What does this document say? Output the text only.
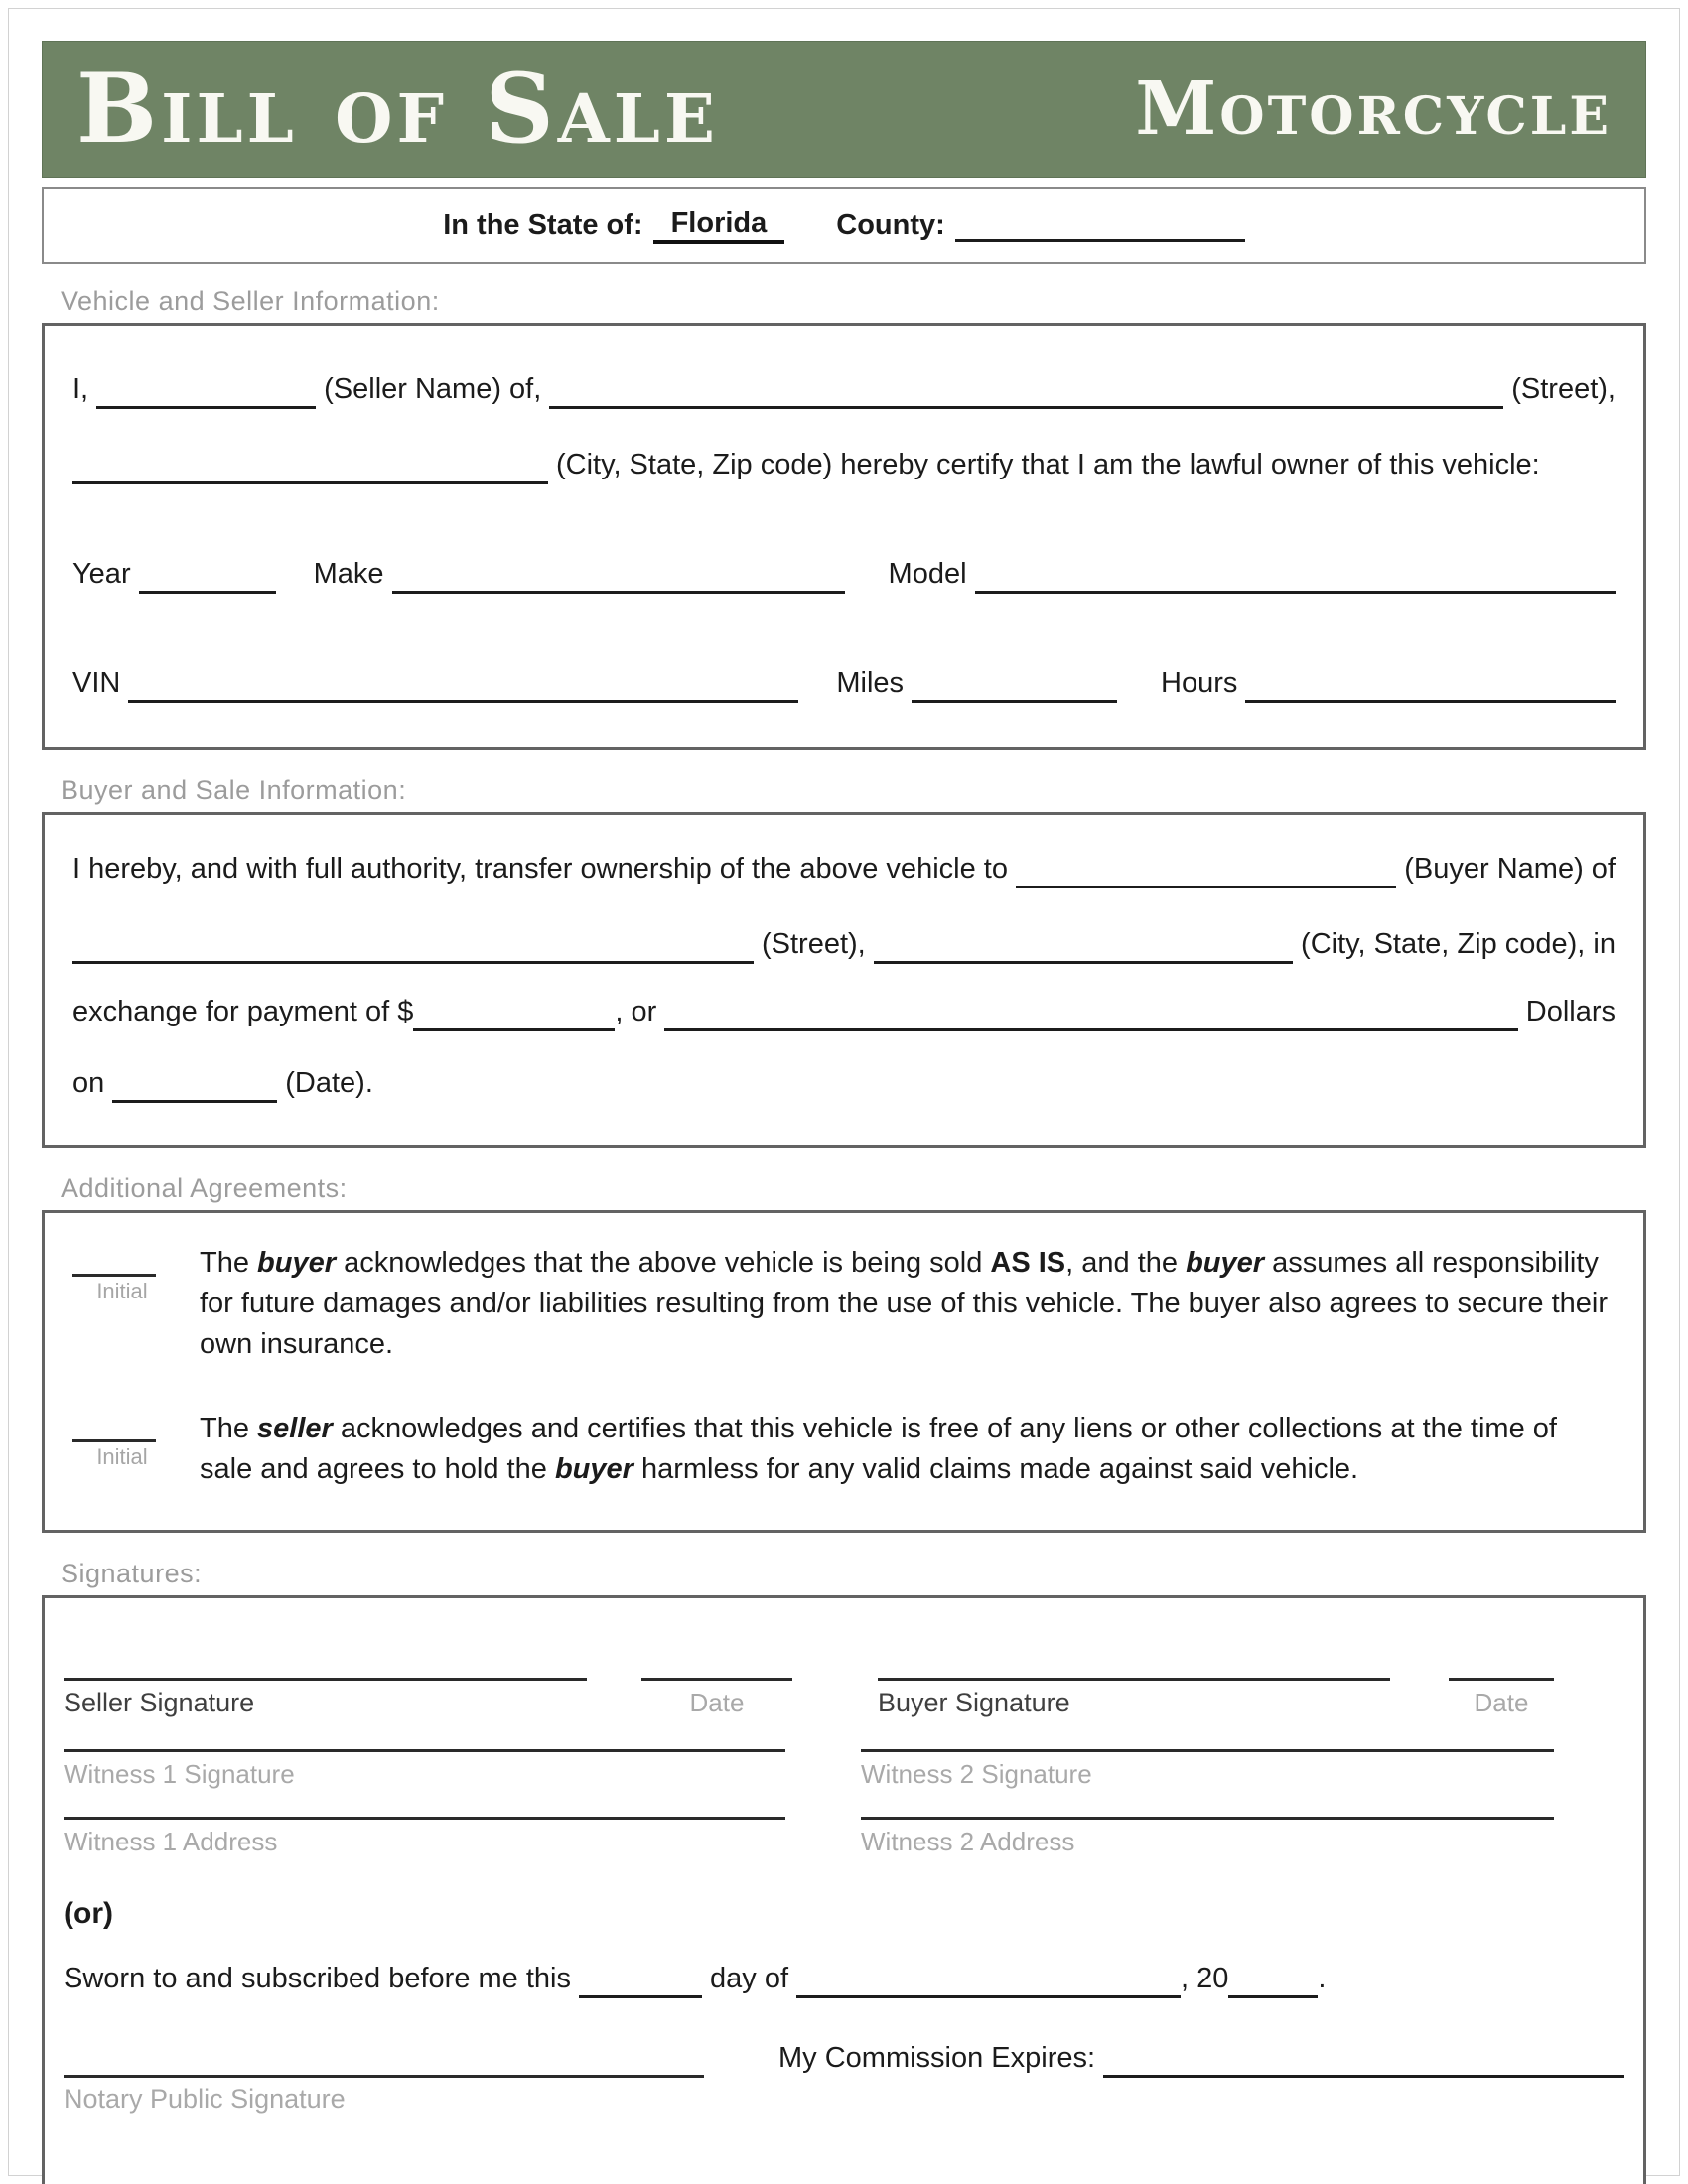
Bill of Sale	Motorcycle
In the State of: Florida	County:
Vehicle and Seller Information:
I,	(Seller Name) of,	(Street),
(City, State, Zip code) hereby certify that I am the lawful owner of this vehicle:
Year	Make	Model
VIN	Miles	Hours
Buyer and Sale Information:
I hereby, and with full authority, transfer ownership of the above vehicle to	(Buyer Name) of
(Street),	(City, State, Zip code), in
exchange for payment of $	, or	Dollars
on	(Date).
Additional Agreements:
Initial
The buyer acknowledges that the above vehicle is being sold AS IS, and the buyer assumes all responsibility for future damages and/or liabilities resulting from the use of this vehicle. The buyer also agrees to secure their own insurance.
Initial
The seller acknowledges and certifies that this vehicle is free of any liens or other collections at the time of sale and agrees to hold the buyer harmless for any valid claims made against said vehicle.
Signatures:
Seller Signature	Date	Buyer Signature	Date
Witness 1 Signature	Witness 2 Signature
Witness 1 Address	Witness 2 Address
(or)
Sworn to and subscribed before me this	day of	, 20	.
Notary Public Signature
My Commission Expires:
